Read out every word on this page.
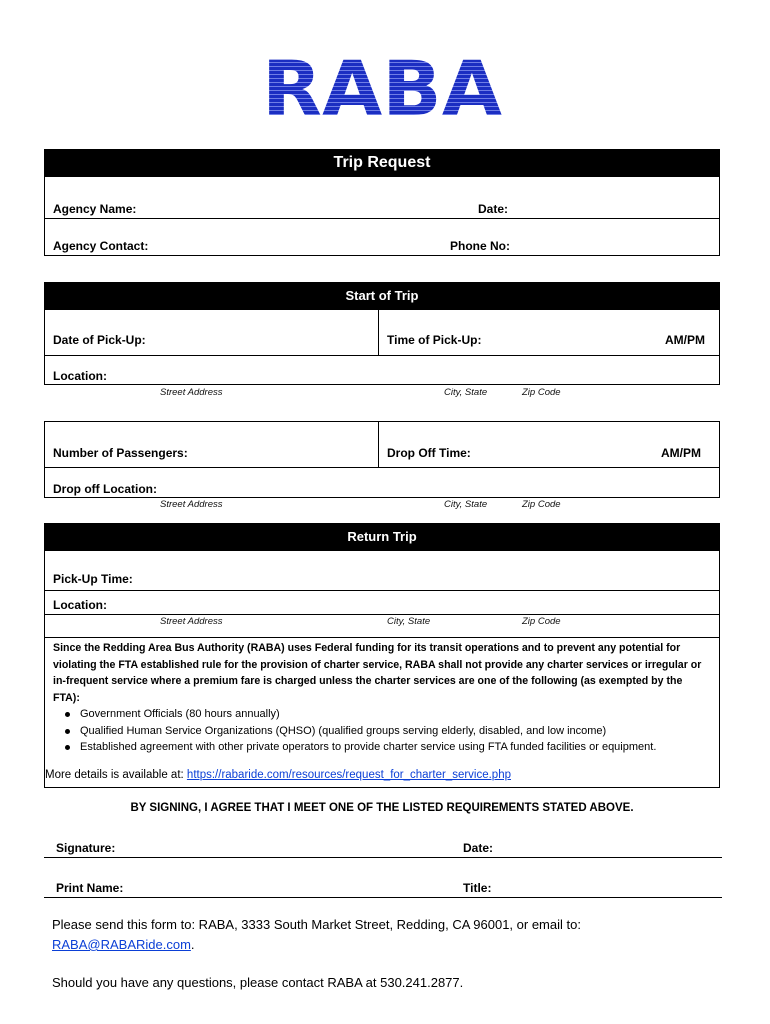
RABA
Trip Request
Agency Name:	Date:
Agency Contact:	Phone No:
Start of Trip
Date of Pick-Up:	Time of Pick-Up:	AM/PM
Location:
Street Address	City, State	Zip Code
Number of Passengers:	Drop Off Time:	AM/PM
Drop off Location:
Street Address	City, State	Zip Code
Return Trip
Pick-Up Time:
Location:
Street Address	City, State	Zip Code
Since the Redding Area Bus Authority (RABA) uses Federal funding for its transit operations and to prevent any potential for violating the FTA established rule for the provision of charter service, RABA shall not provide any charter services or irregular or in-frequent service where a premium fare is charged unless the charter services are one of the following (as exempted by the FTA):
Government Officials (80 hours annually)
Qualified Human Service Organizations (QHSO) (qualified groups serving elderly, disabled, and low income)
Established agreement with other private operators to provide charter service using FTA funded facilities or equipment.
More details is available at: https://rabaride.com/resources/request_for_charter_service.php
BY SIGNING, I AGREE THAT I MEET ONE OF THE LISTED REQUIREMENTS STATED ABOVE.
Signature:	Date:
Print Name:	Title:
Please send this form to: RABA, 3333 South Market Street, Redding, CA 96001, or email to:
RABA@RABARide.com.
Should you have any questions, please contact RABA at 530.241.2877.
